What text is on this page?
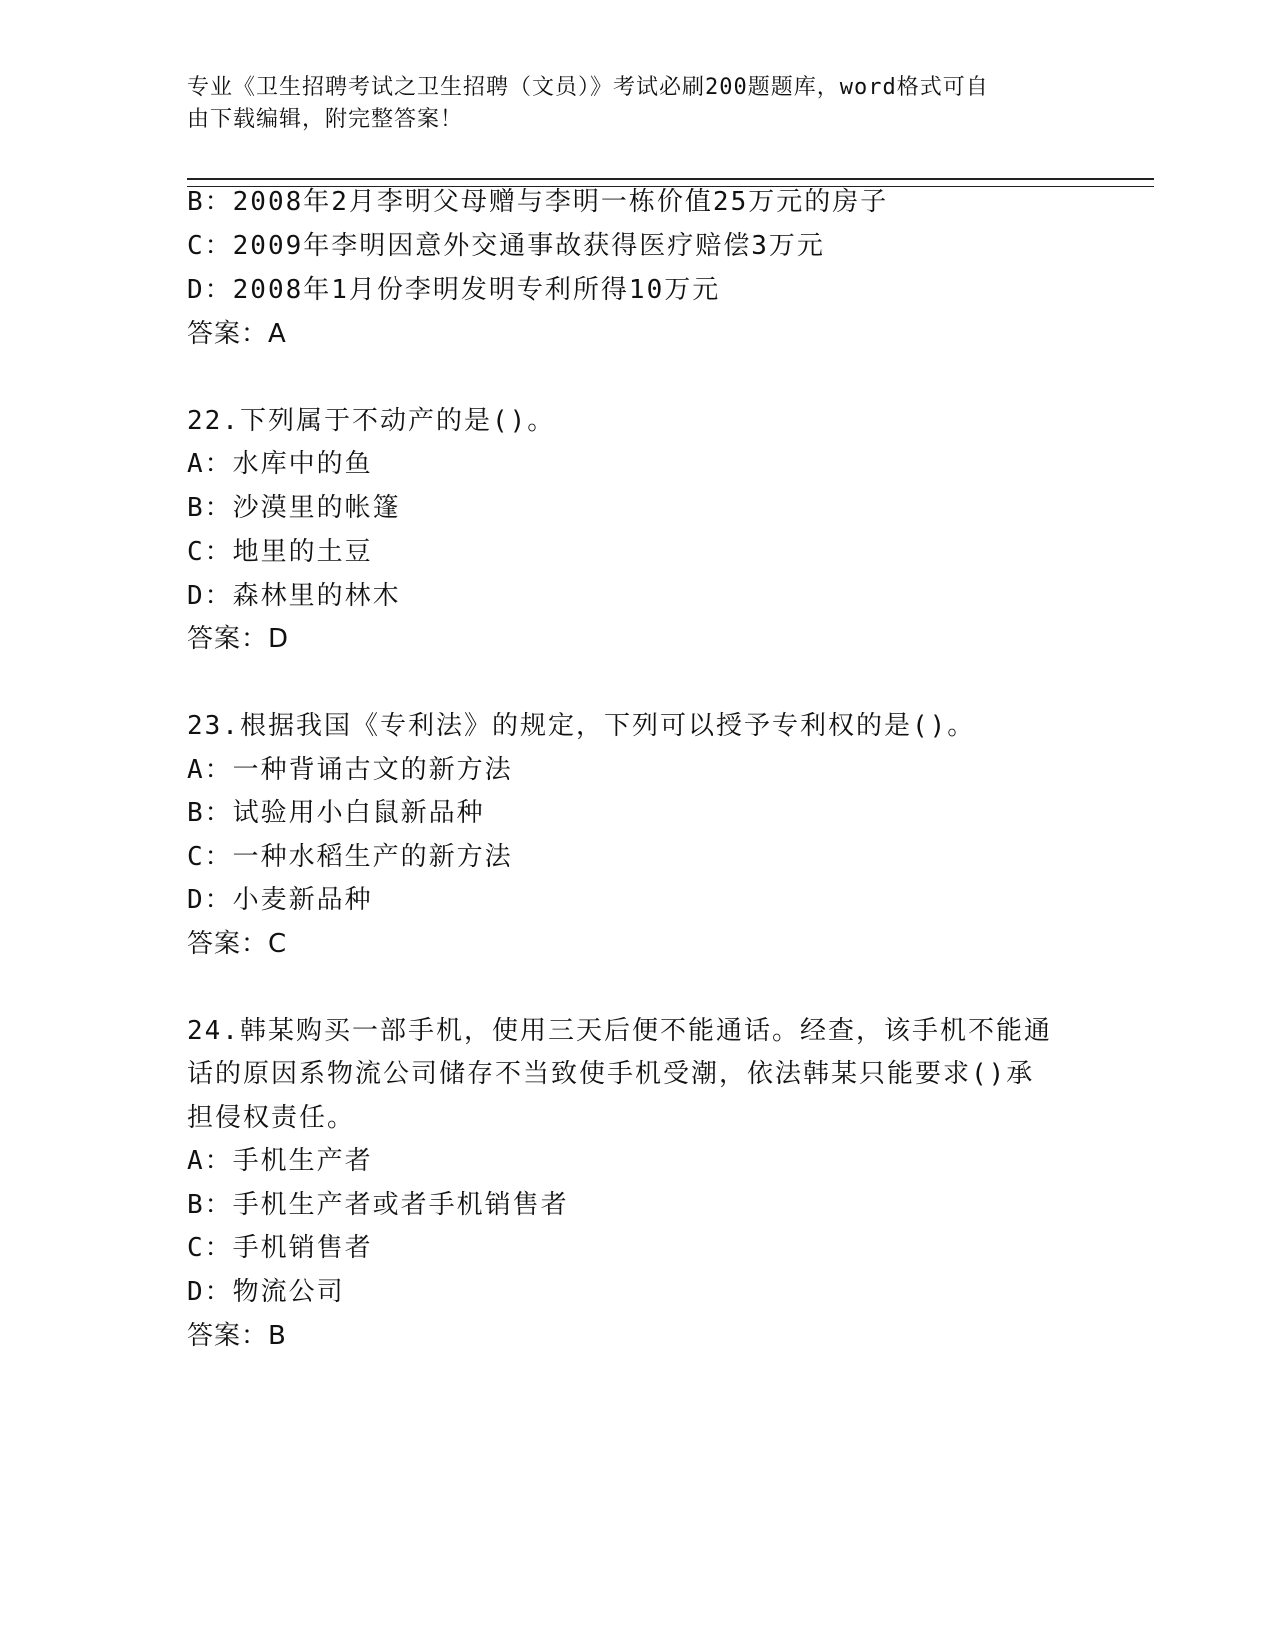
专业《卫生招聘考试之卫生招聘（文员）》考试必刷200题题库，word格式可自
由下载编辑，附完整答案！
B：2008年2月李明父母赠与李明一栋价值25万元的房子
C：2009年李明因意外交通事故获得医疗赔偿3万元
D：2008年1月份李明发明专利所得10万元
答案：A
22.下列属于不动产的是()。
A：水库中的鱼
B：沙漠里的帐篷
C：地里的土豆
D：森林里的林木
答案：D
23.根据我国《专利法》的规定，下列可以授予专利权的是()。
A：一种背诵古文的新方法
B：试验用小白鼠新品种
C：一种水稻生产的新方法
D：小麦新品种
答案：C
24.韩某购买一部手机，使用三天后便不能通话。经查，该手机不能通
话的原因系物流公司储存不当致使手机受潮，依法韩某只能要求()承
担侵权责任。
A：手机生产者
B：手机生产者或者手机销售者
C：手机销售者
D：物流公司
答案：B
